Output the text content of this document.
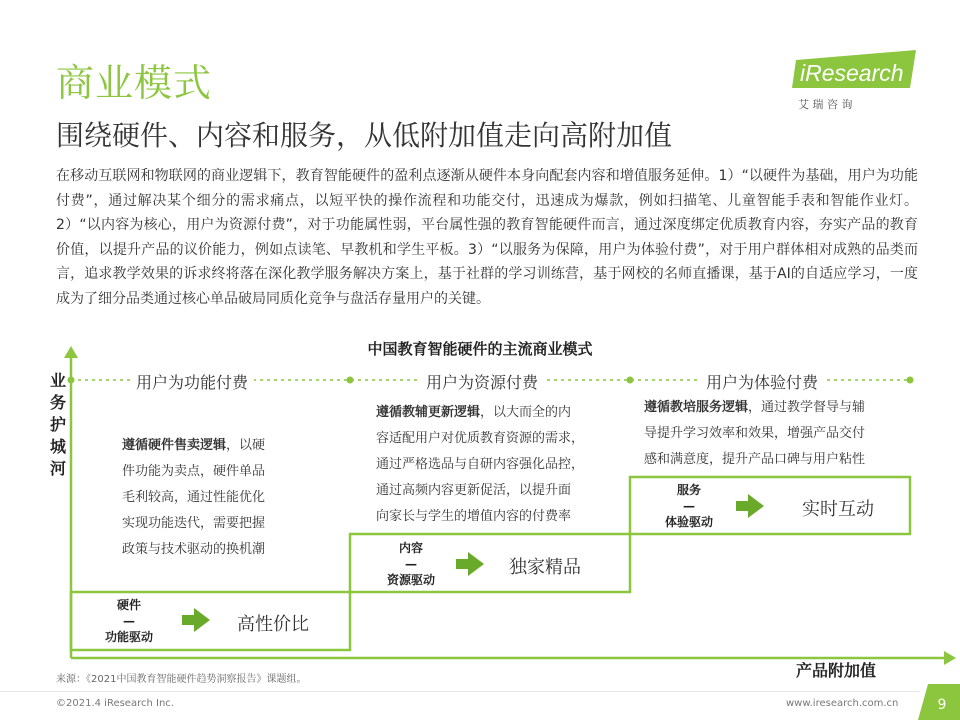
商业模式
围绕硬件、内容和服务，从低附加值走向高附加值
iResearch
艾 瑞 咨 询
在移动互联网和物联网的商业逻辑下，教育智能硬件的盈利点逐渐从硬件本身向配套内容和增值服务延伸。1）“以硬件为基础，用户为功能付费”，通过解决某个细分的需求痛点，以短平快的操作流程和功能交付，迅速成为爆款，例如扫描笔、儿童智能手表和智能作业灯。2）“以内容为核心，用户为资源付费”，对于功能属性弱，平台属性强的教育智能硬件而言，通过深度绑定优质教育内容，夯实产品的教育价值，以提升产品的议价能力，例如点读笔、早教机和学生平板。3）“以服务为保障，用户为体验付费”，对于用户群体相对成熟的品类而言，追求教学效果的诉求终将落在深化教学服务解决方案上，基于社群的学习训练营，基于网校的名师直播课，基于AI的自适应学习，一度成为了细分品类通过核心单品破局同质化竞争与盘活存量用户的关键。
中国教育智能硬件的主流商业模式
业务护城河
用户为功能付费	用户为资源付费	用户为体验付费
遵循硬件售卖逻辑，以硬
件功能为卖点，硬件单品
毛利较高，通过性能优化
实现功能迭代，需要把握
政策与技术驱动的换机潮
遵循教辅更新逻辑，以大而全的内
容适配用户对优质教育资源的需求，
通过严格选品与自研内容强化品控，
通过高频内容更新促活，以提升面
向家长与学生的增值内容的付费率
遵循教培服务逻辑，通过教学督导与辅
导提升学习效率和效果，增强产品交付
感和满意度，提升产品口碑与用户粘性
硬件
—
功能驱动
高性价比
内容
—
资源驱动
独家精品
服务
—
体验驱动
实时互动
产品附加值
来源：《2021中国教育智能硬件趋势洞察报告》课题组。
©2021.4 iResearch Inc.	www.iresearch.com.cn	9
